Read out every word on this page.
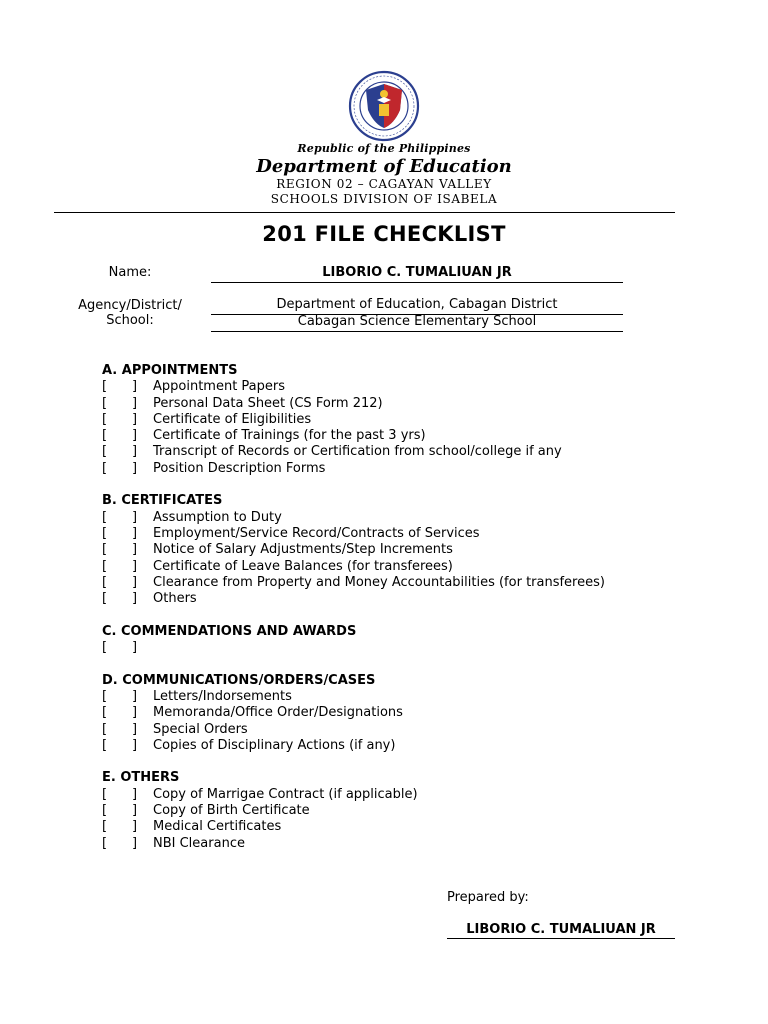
Republic of the Philippines
Department of Education
REGION 02 – CAGAYAN VALLEY
SCHOOLS DIVISION OF ISABELA
201 FILE CHECKLIST
Name:	LIBORIO C. TUMALIUAN JR
Agency/District/
School:
Department of Education, Cabagan District
Cabagan Science Elementary School
A. APPOINTMENTS
[ ] Appointment Papers
[ ] Personal Data Sheet (CS Form 212)
[ ] Certificate of Eligibilities
[ ] Certificate of Trainings (for the past 3 yrs)
[ ] Transcript of Records or Certification from school/college if any
[ ] Position Description Forms
B. CERTIFICATES
[ ] Assumption to Duty
[ ] Employment/Service Record/Contracts of Services
[ ] Notice of Salary Adjustments/Step Increments
[ ] Certificate of Leave Balances (for transferees)
[ ] Clearance from Property and Money Accountabilities (for transferees)
[ ] Others
C. COMMENDATIONS AND AWARDS
[ ]
D. COMMUNICATIONS/ORDERS/CASES
[ ] Letters/Indorsements
[ ] Memoranda/Office Order/Designations
[ ] Special Orders
[ ] Copies of Disciplinary Actions (if any)
E. OTHERS
[ ] Copy of Marrigae Contract (if applicable)
[ ] Copy of Birth Certificate
[ ] Medical Certificates
[ ] NBI Clearance
Prepared by:
LIBORIO C. TUMALIUAN JR
